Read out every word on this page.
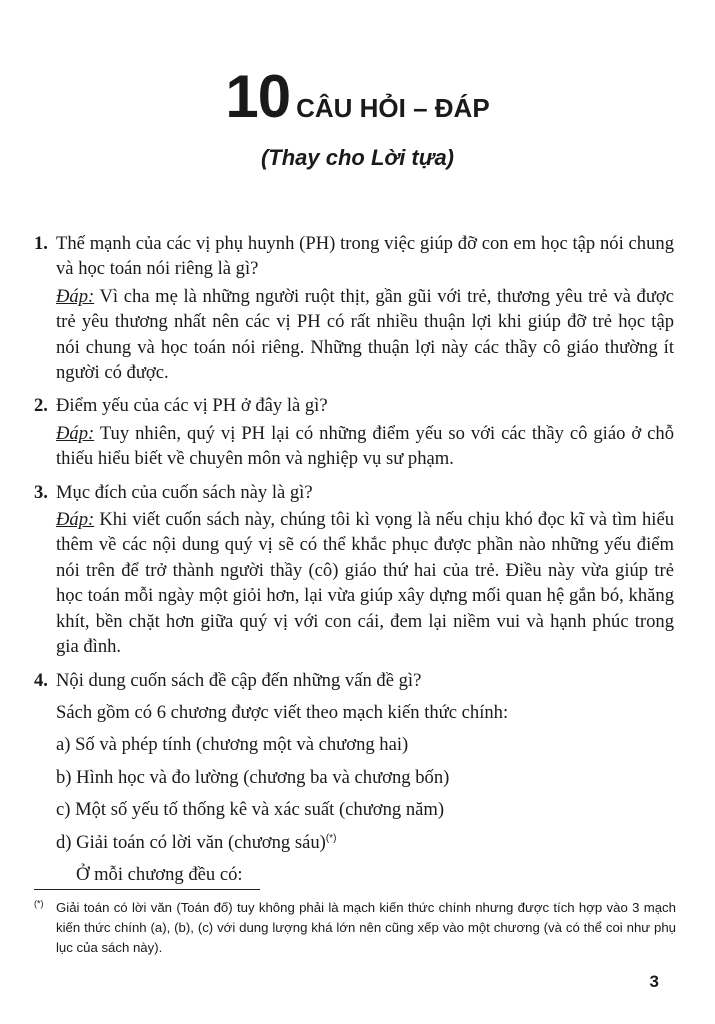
10 CÂU HỎI – ĐÁP
(Thay cho Lời tựa)
1. Thế mạnh của các vị phụ huynh (PH) trong việc giúp đỡ con em học tập nói chung và học toán nói riêng là gì?
Đáp: Vì cha mẹ là những người ruột thịt, gần gũi với trẻ, thương yêu trẻ và được trẻ yêu thương nhất nên các vị PH có rất nhiều thuận lợi khi giúp đỡ trẻ học tập nói chung và học toán nói riêng. Những thuận lợi này các thầy cô giáo thường ít người có được.
2. Điểm yếu của các vị PH ở đây là gì?
Đáp: Tuy nhiên, quý vị PH lại có những điểm yếu so với các thầy cô giáo ở chỗ thiếu hiểu biết về chuyên môn và nghiệp vụ sư phạm.
3. Mục đích của cuốn sách này là gì?
Đáp: Khi viết cuốn sách này, chúng tôi kì vọng là nếu chịu khó đọc kĩ và tìm hiểu thêm về các nội dung quý vị sẽ có thể khắc phục được phần nào những yếu điểm nói trên để trở thành người thầy (cô) giáo thứ hai của trẻ. Điều này vừa giúp trẻ học toán mỗi ngày một giỏi hơn, lại vừa giúp xây dựng mối quan hệ gắn bó, khăng khít, bền chặt hơn giữa quý vị với con cái, đem lại niềm vui và hạnh phúc trong gia đình.
4. Nội dung cuốn sách đề cập đến những vấn đề gì?
Sách gồm có 6 chương được viết theo mạch kiến thức chính:
a) Số và phép tính (chương một và chương hai)
b) Hình học và đo lường (chương ba và chương bốn)
c) Một số yếu tố thống kê và xác suất (chương năm)
d) Giải toán có lời văn (chương sáu)(*)
Ở mỗi chương đều có:
(*) Giải toán có lời văn (Toán đố) tuy không phải là mạch kiến thức chính nhưng được tích hợp vào 3 mạch kiến thức chính (a), (b), (c) với dung lượng khá lớn nên cũng xếp vào một chương (và có thể coi như phụ lục của sách này).
3
